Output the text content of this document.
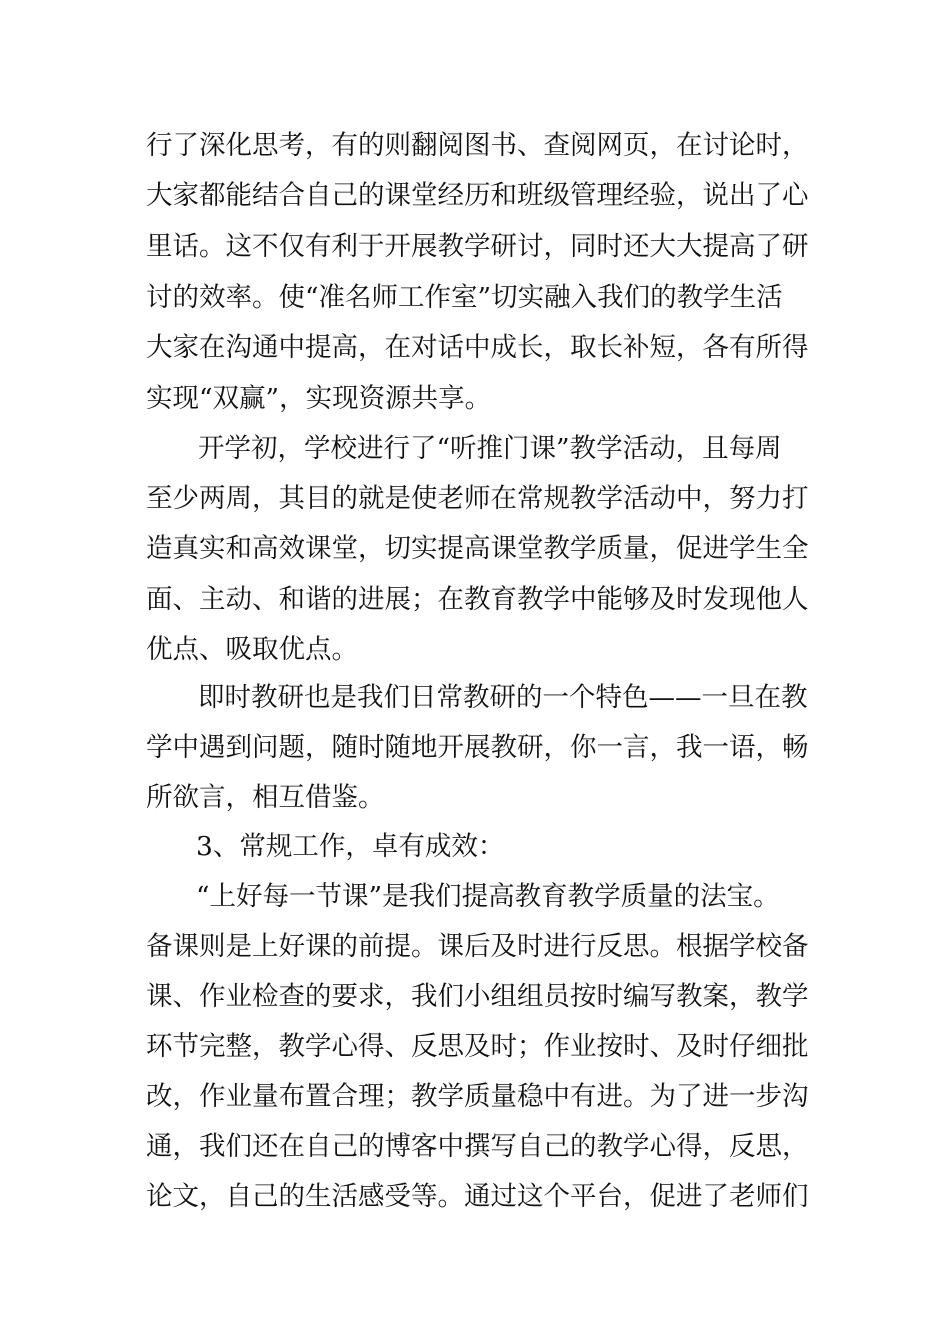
行了深化思考，有的则翻阅图书、查阅网页，在讨论时，
大家都能结合自己的课堂经历和班级管理经验，说出了心
里话。这不仅有利于开展教学研讨，同时还大大提高了研
讨的效率。使“准名师工作室”切实融入我们的教学生活
大家在沟通中提高，在对话中成长，取长补短，各有所得
实现“双赢”，实现资源共享。
开学初，学校进行了“听推门课”教学活动，且每周
至少两周，其目的就是使老师在常规教学活动中，努力打
造真实和高效课堂，切实提高课堂教学质量，促进学生全
面、主动、和谐的进展；在教育教学中能够及时发现他人
优点、吸取优点。
即时教研也是我们日常教研的一个特色——一旦在教
学中遇到问题，随时随地开展教研，你一言，我一语，畅
所欲言，相互借鉴。
3、常规工作，卓有成效：
“上好每一节课”是我们提高教育教学质量的法宝。
备课则是上好课的前提。课后及时进行反思。根据学校备
课、作业检查的要求，我们小组组员按时编写教案，教学
环节完整，教学心得、反思及时；作业按时、及时仔细批
改，作业量布置合理；教学质量稳中有进。为了进一步沟
通，我们还在自己的博客中撰写自己的教学心得，反思，
论文，自己的生活感受等。通过这个平台，促进了老师们
